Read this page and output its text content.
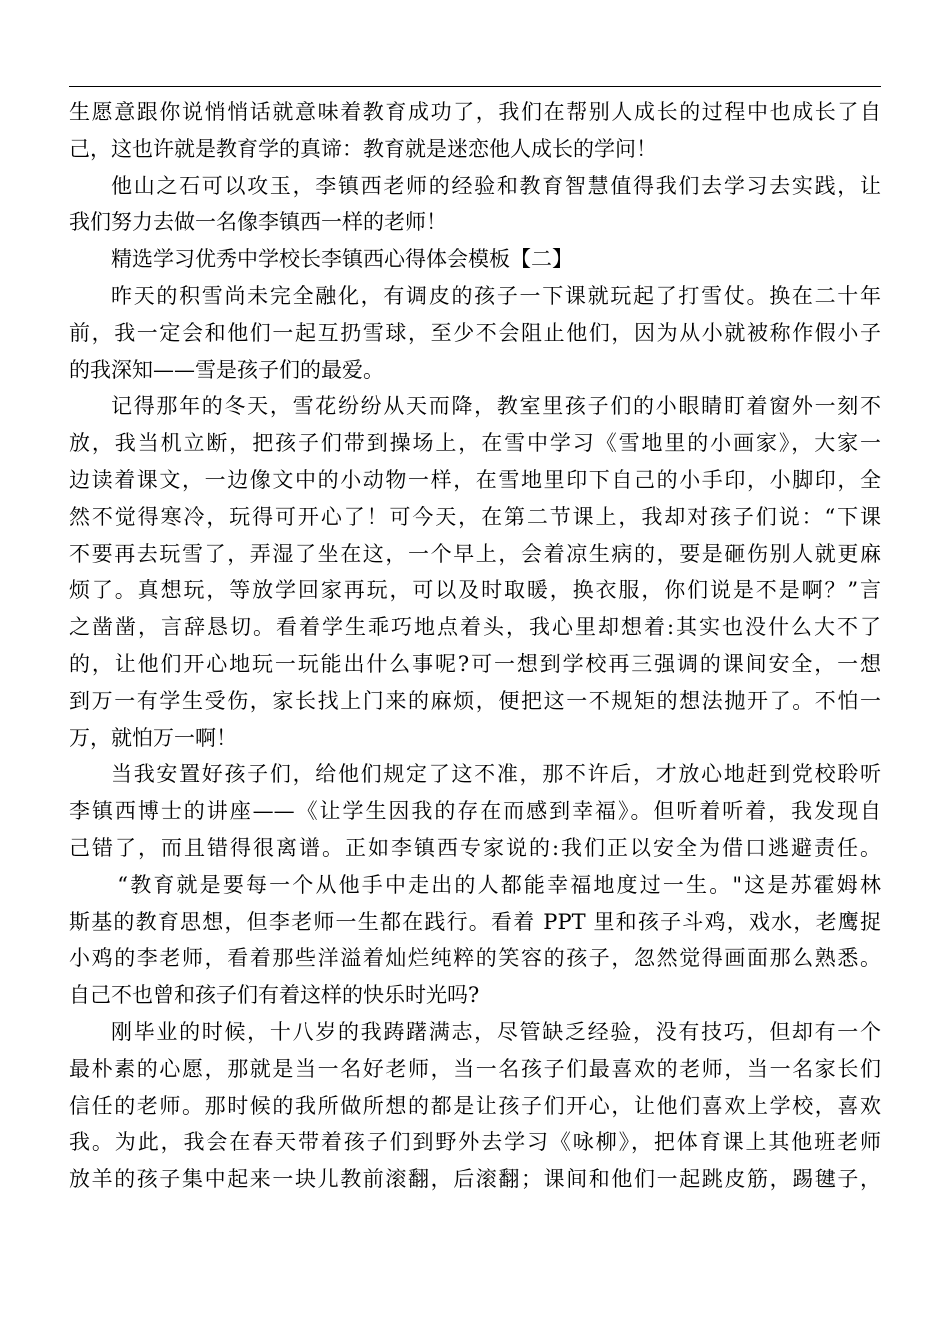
生愿意跟你说悄悄话就意味着教育成功了，我们在帮别人成长的过程中也成长了自
己，这也许就是教育学的真谛：教育就是迷恋他人成长的学问！
他山之石可以攻玉，李镇西老师的经验和教育智慧值得我们去学习去实践，让
我们努力去做一名像李镇西一样的老师！
精选学习优秀中学校长李镇西心得体会模板【二】
昨天的积雪尚未完全融化，有调皮的孩子一下课就玩起了打雪仗。换在二十年
前，我一定会和他们一起互扔雪球，至少不会阻止他们，因为从小就被称作假小子
的我深知——雪是孩子们的最爱。
记得那年的冬天，雪花纷纷从天而降，教室里孩子们的小眼睛盯着窗外一刻不
放，我当机立断，把孩子们带到操场上，在雪中学习《雪地里的小画家》，大家一
边读着课文，一边像文中的小动物一样，在雪地里印下自己的小手印，小脚印，全
然不觉得寒冷，玩得可开心了！可今天，在第二节课上，我却对孩子们说：“下课
不要再去玩雪了，弄湿了坐在这，一个早上，会着凉生病的，要是砸伤别人就更麻
烦了。真想玩，等放学回家再玩，可以及时取暖，换衣服，你们说是不是啊？”言
之凿凿，言辞恳切。看着学生乖巧地点着头，我心里却想着:其实也没什么大不了
的，让他们开心地玩一玩能出什么事呢?可一想到学校再三强调的课间安全，一想
到万一有学生受伤，家长找上门来的麻烦，便把这一不规矩的想法抛开了。不怕一
万，就怕万一啊！
当我安置好孩子们，给他们规定了这不准，那不许后，才放心地赶到党校聆听
李镇西博士的讲座——《让学生因我的存在而感到幸福》。但听着听着，我发现自
己错了，而且错得很离谱。正如李镇西专家说的:我们正以安全为借口逃避责任。
“教育就是要每一个从他手中走出的人都能幸福地度过一生。"这是苏霍姆林
斯基的教育思想，但李老师一生都在践行。看着 PPT 里和孩子斗鸡，戏水，老鹰捉
小鸡的李老师，看着那些洋溢着灿烂纯粹的笑容的孩子，忽然觉得画面那么熟悉。
自己不也曾和孩子们有着这样的快乐时光吗?
刚毕业的时候，十八岁的我踌躇满志，尽管缺乏经验，没有技巧，但却有一个
最朴素的心愿，那就是当一名好老师，当一名孩子们最喜欢的老师，当一名家长们
信任的老师。那时候的我所做所想的都是让孩子们开心，让他们喜欢上学校，喜欢
我。为此，我会在春天带着孩子们到野外去学习《咏柳》，把体育课上其他班老师
放羊的孩子集中起来一块儿教前滚翻，后滚翻；课间和他们一起跳皮筋，踢毽子，
